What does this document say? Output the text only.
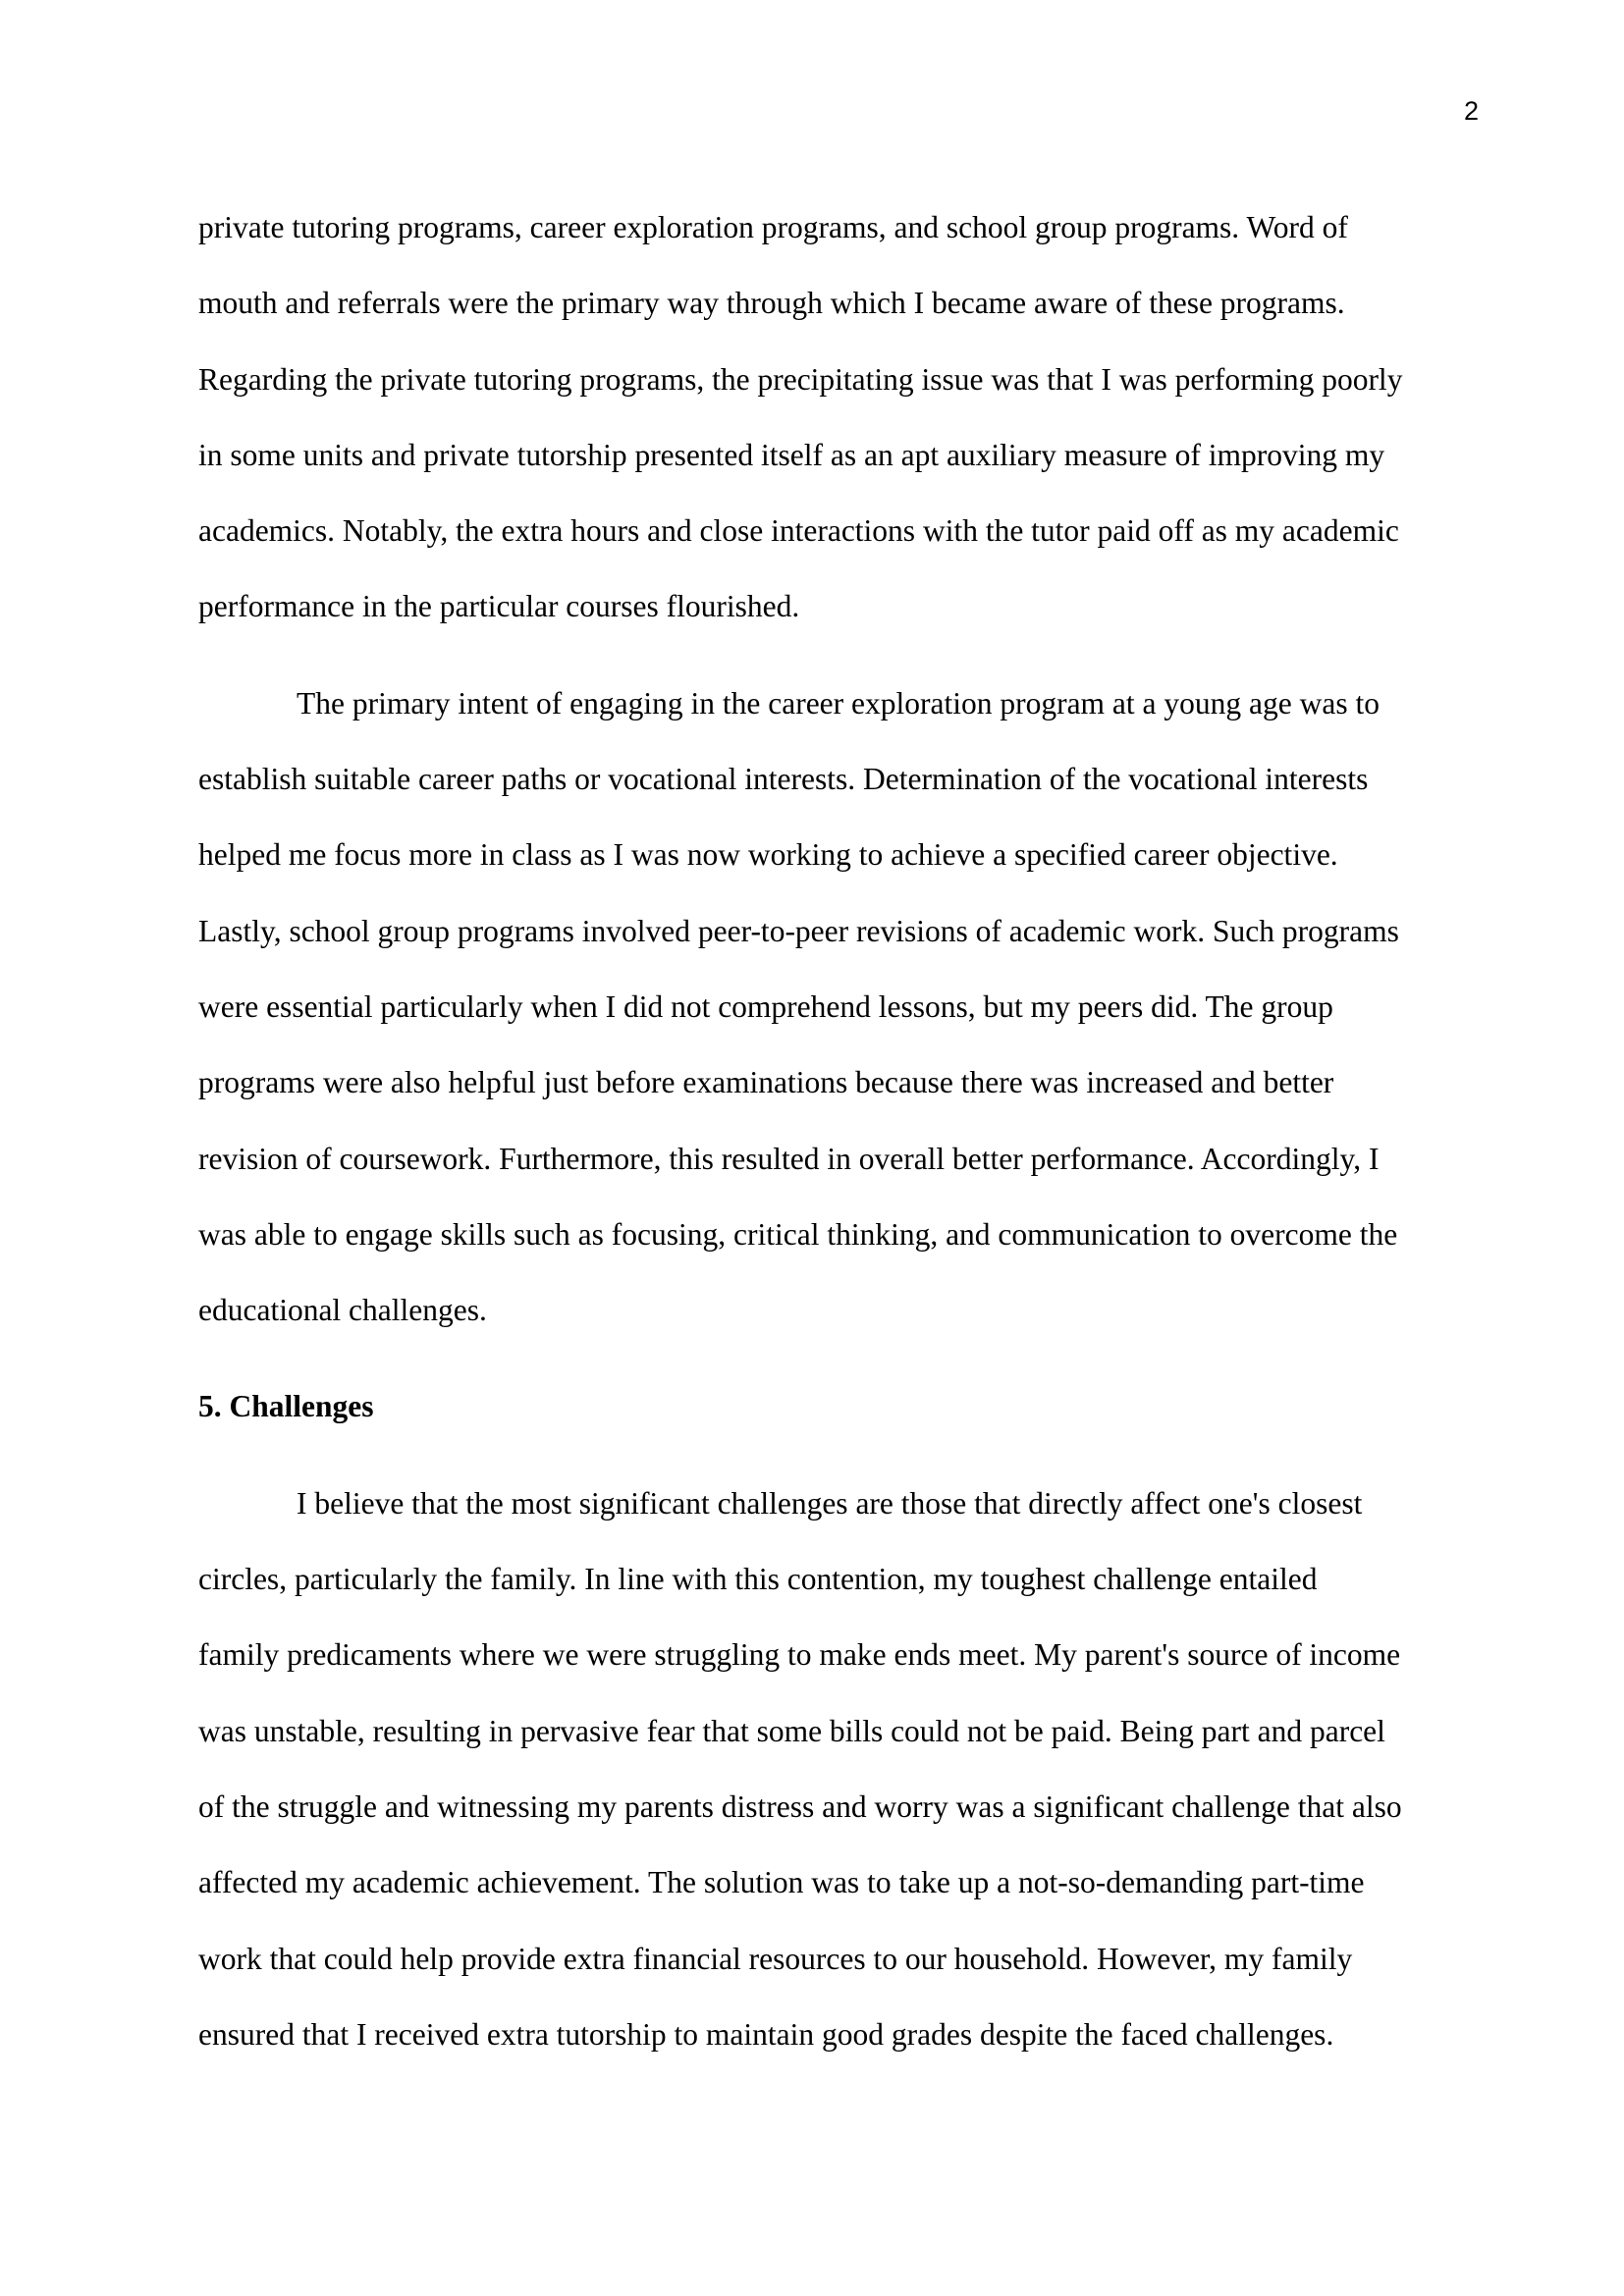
2

private tutoring programs, career exploration programs, and school group programs. Word of
mouth and referrals were the primary way through which I became aware of these programs.
Regarding the private tutoring programs, the precipitating issue was that I was performing poorly
in some units and private tutorship presented itself as an apt auxiliary measure of improving my
academics. Notably, the extra hours and close interactions with the tutor paid off as my academic
performance in the particular courses flourished.

The primary intent of engaging in the career exploration program at a young age was to
establish suitable career paths or vocational interests. Determination of the vocational interests
helped me focus more in class as I was now working to achieve a specified career objective.
Lastly, school group programs involved peer-to-peer revisions of academic work. Such programs
were essential particularly when I did not comprehend lessons, but my peers did. The group
programs were also helpful just before examinations because there was increased and better
revision of coursework. Furthermore, this resulted in overall better performance. Accordingly, I
was able to engage skills such as focusing, critical thinking, and communication to overcome the
educational challenges.

5. Challenges

I believe that the most significant challenges are those that directly affect one's closest
circles, particularly the family. In line with this contention, my toughest challenge entailed
family predicaments where we were struggling to make ends meet. My parent's source of income
was unstable, resulting in pervasive fear that some bills could not be paid. Being part and parcel
of the struggle and witnessing my parents distress and worry was a significant challenge that also
affected my academic achievement. The solution was to take up a not-so-demanding part-time
work that could help provide extra financial resources to our household. However, my family
ensured that I received extra tutorship to maintain good grades despite the faced challenges.
